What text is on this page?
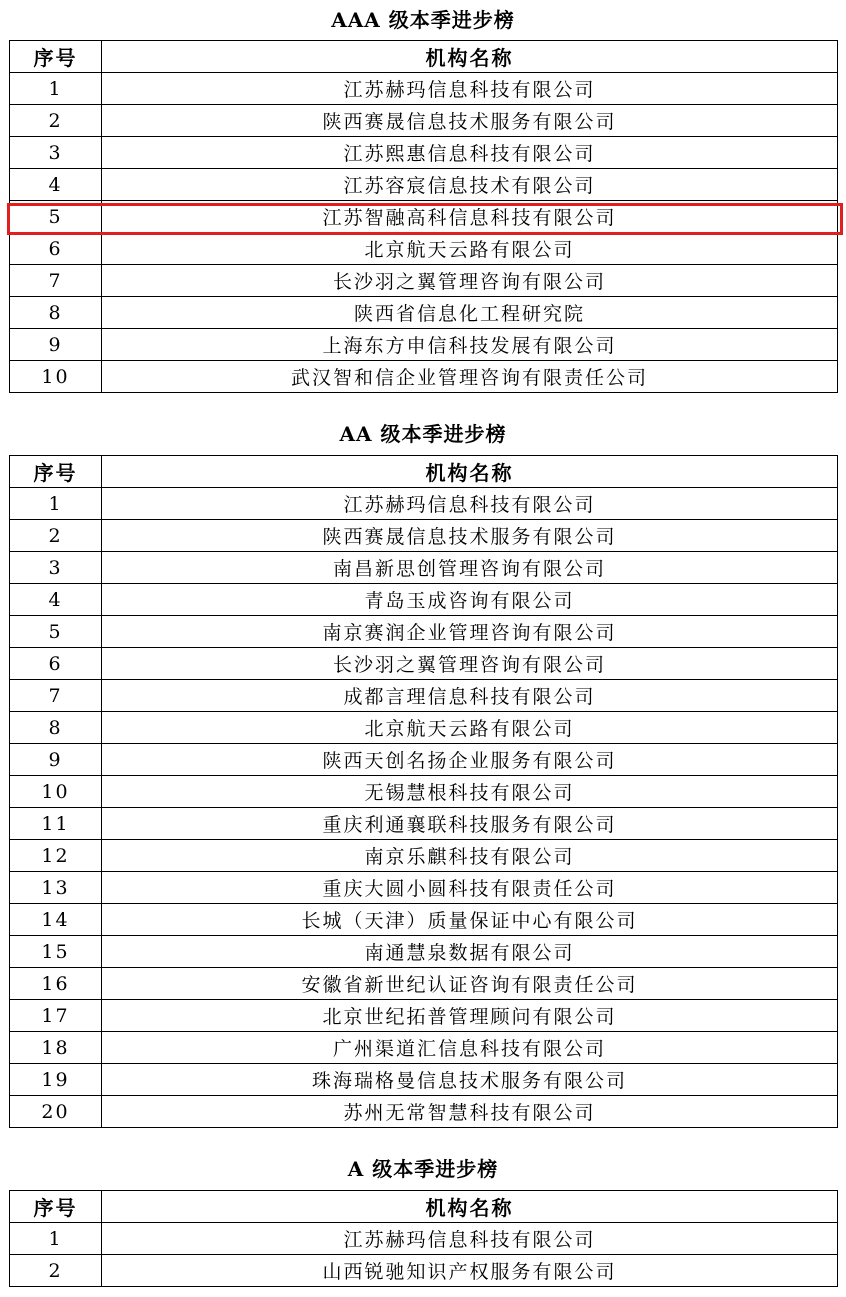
AAA 级本季进步榜
序号	机构名称
1	江苏赫玛信息科技有限公司
2	陕西赛晟信息技术服务有限公司
3	江苏熙惠信息科技有限公司
4	江苏容宸信息技术有限公司
5	江苏智融高科信息科技有限公司
6	北京航天云路有限公司
7	长沙羽之翼管理咨询有限公司
8	陕西省信息化工程研究院
9	上海东方申信科技发展有限公司
10	武汉智和信企业管理咨询有限责任公司
AA 级本季进步榜
序号	机构名称
1	江苏赫玛信息科技有限公司
2	陕西赛晟信息技术服务有限公司
3	南昌新思创管理咨询有限公司
4	青岛玉成咨询有限公司
5	南京赛润企业管理咨询有限公司
6	长沙羽之翼管理咨询有限公司
7	成都言理信息科技有限公司
8	北京航天云路有限公司
9	陕西天创名扬企业服务有限公司
10	无锡慧根科技有限公司
11	重庆利通襄联科技服务有限公司
12	南京乐麒科技有限公司
13	重庆大圆小圆科技有限责任公司
14	长城（天津）质量保证中心有限公司
15	南通慧泉数据有限公司
16	安徽省新世纪认证咨询有限责任公司
17	北京世纪拓普管理顾问有限公司
18	广州渠道汇信息科技有限公司
19	珠海瑞格曼信息技术服务有限公司
20	苏州无常智慧科技有限公司
A 级本季进步榜
序号	机构名称
1	江苏赫玛信息科技有限公司
2	山西锐驰知识产权服务有限公司
